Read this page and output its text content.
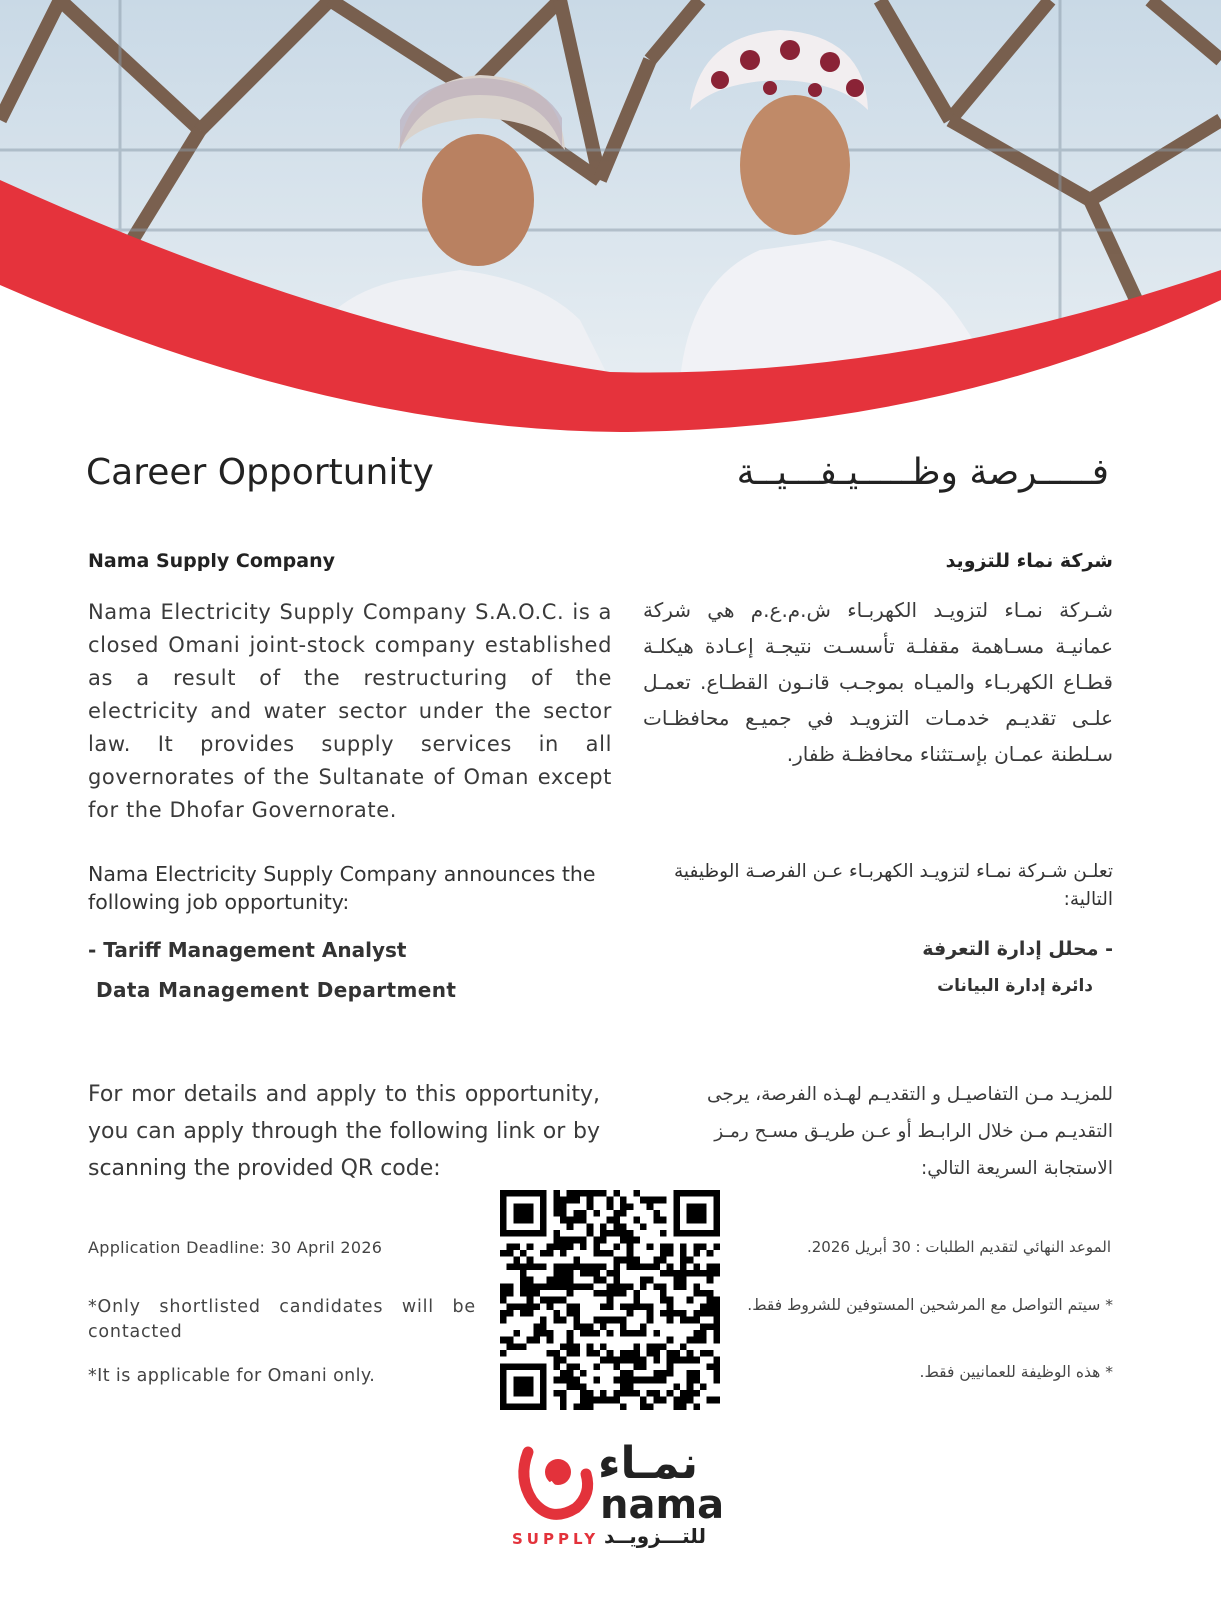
Career Opportunity	فـــــرصة وظـــــيـفـــيــة
Nama Supply Company	شركة نماء للتزويد
Nama Electricity Supply Company S.A.O.C. is a closed Omani joint-stock company established as a result of the restructuring of the electricity and water sector under the sector law. It provides supply services in all governorates of the Sultanate of Oman except for the Dhofar Governorate.
شـركة نمـاء لتزويـد الكهربـاء ش.م.ع.م هي شركة عمانيـة مسـاهمة مقفلـة تأسسـت نتيجـة إعـادة هيكلـة قطـاع الكهربـاء والميـاه بموجـب قانـون القطـاع. تعمـل علـى تقديـم خدمـات التزويـد في جميـع محافظـات سـلطنة عمـان بإسـتثناء محافظـة ظفار.
Nama Electricity Supply Company announces the following job opportunity:
تعلـن شـركة نمـاء لتزويـد الكهربـاء عـن الفرصـة الوظيفية التالية:
- Tariff Management Analyst
Data Management Department
- محلل إدارة التعرفة
دائرة إدارة البيانات
For mor details and apply to this opportunity, you can apply through the following link or by scanning the provided QR code:
للمزيـد مـن التفاصيـل و التقديـم لهـذه الفرصة، يرجى التقديـم مـن خلال الرابـط أو عـن طريـق مسـح رمـز الاستجابة السريعة التالي:
Application Deadline: 30 April 2026	الموعد النهائي لتقديم الطلبات : 30 أبريل 2026.
*Only shortlisted candidates will be contacted
*It is applicable for Omani only.
* سيتم التواصل مع المرشحين المستوفين للشروط فقط.
* هذه الوظيفة للعمانيين فقط.
نمـاء
nama
SUPPLY للتـــزويــد
